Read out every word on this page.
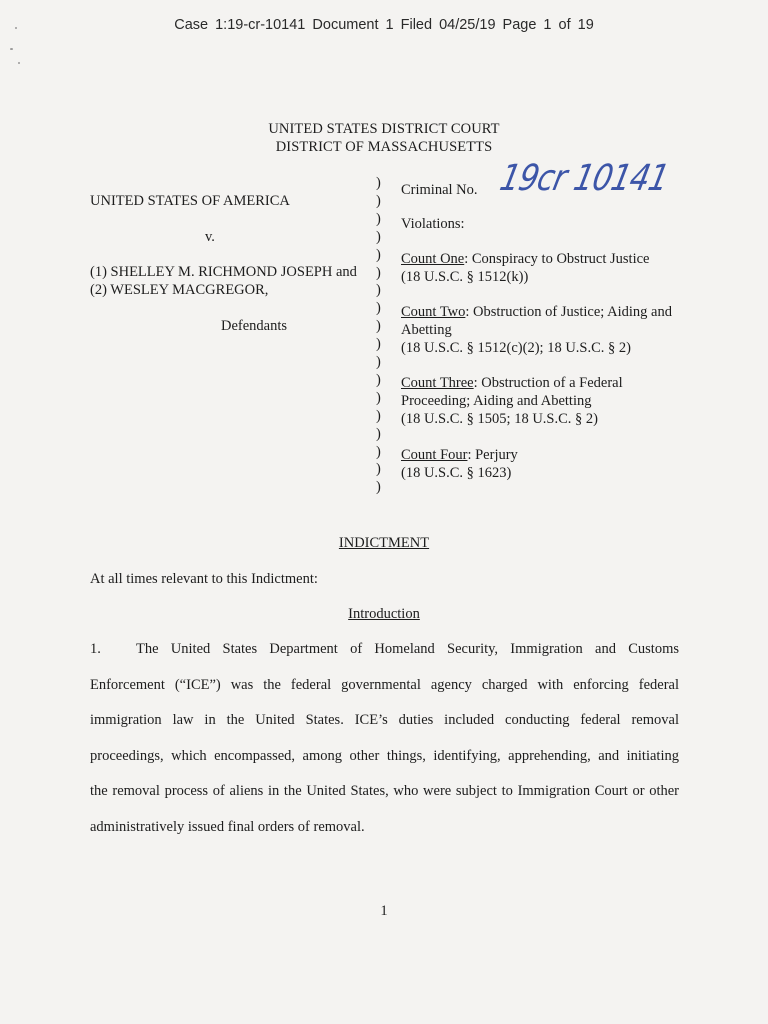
Case 1:19-cr-10141 Document 1 Filed 04/25/19 Page 1 of 19
UNITED STATES DISTRICT COURT
DISTRICT OF MASSACHUSETTS
UNITED STATES OF AMERICA
v.
(1) SHELLEY M. RICHMOND JOSEPH and
(2) WESLEY MACGREGOR,
Defendants
)
)
)
)
)
)
)
)
)
)
)
)
)
)
)
)
)
)
Criminal No. 19cr 10141
Violations:
Count One: Conspiracy to Obstruct Justice
(18 U.S.C. § 1512(k))
Count Two: Obstruction of Justice; Aiding and
Abetting
(18 U.S.C. § 1512(c)(2); 18 U.S.C. § 2)
Count Three: Obstruction of a Federal
Proceeding; Aiding and Abetting
(18 U.S.C. § 1505; 18 U.S.C. § 2)
Count Four: Perjury
(18 U.S.C. § 1623)
INDICTMENT
At all times relevant to this Indictment:
Introduction
1. The United States Department of Homeland Security, Immigration and Customs
Enforcement (“ICE”) was the federal governmental agency charged with enforcing federal
immigration law in the United States. ICE’s duties included conducting federal removal
proceedings, which encompassed, among other things, identifying, apprehending, and initiating
the removal process of aliens in the United States, who were subject to Immigration Court or other
administratively issued final orders of removal.
1
